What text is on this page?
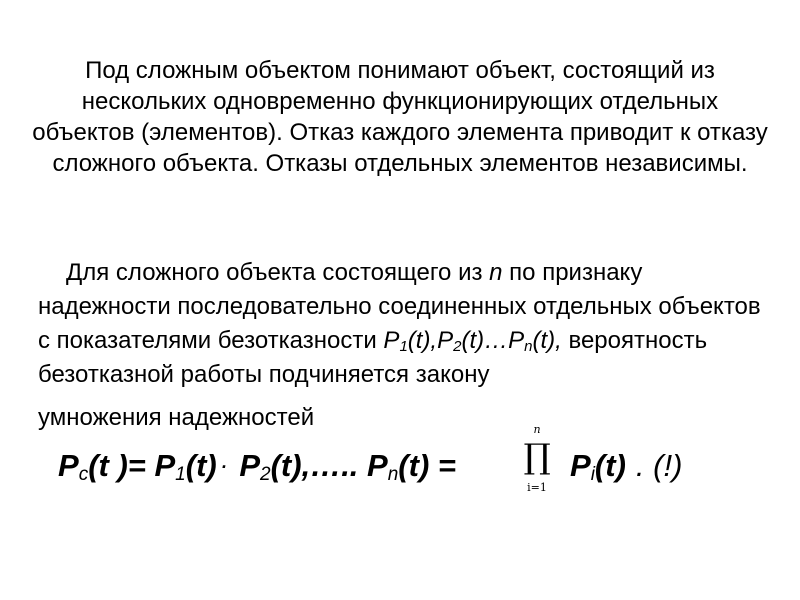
Под сложным объектом понимают объект, состоящий из нескольких одновременно функционирующих отдельных объектов (элементов). Отказ каждого элемента приводит к отказу сложного объекта. Отказы отдельных элементов независимы.
Для сложного объекта состоящего из n по признаку надежности последовательно соединенных отдельных объектов с показателями безотказности $P_1(t),P_2(t)\dots P_n(t)$, вероятность безотказной работы подчиняется закону
умножения надежностей
$P_c(t$ )= $P_1(t)$ · $P_2(t),\dots$.. $P_n(t)$ =
n
∏
i=1
$P_i(t)$ . (!)
